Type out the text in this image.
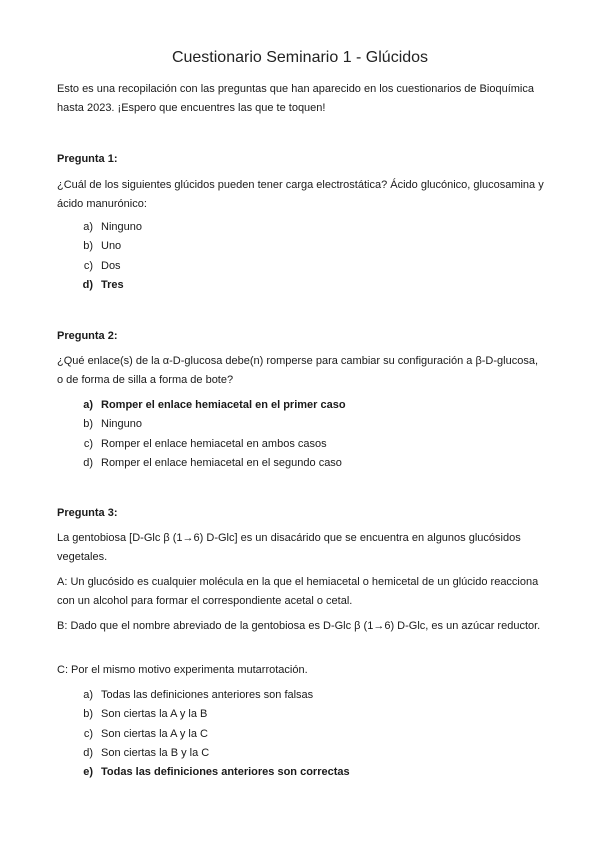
Cuestionario Seminario 1 - Glúcidos

Esto es una recopilación con las preguntas que han aparecido en los cuestionarios de Bioquímica hasta 2023. ¡Espero que encuentres las que te toquen!

Pregunta 1:

¿Cuál de los siguientes glúcidos pueden tener carga electrostática? Ácido glucónico, glucosamina y ácido manurónico:

a) Ninguno
b) Uno
c) Dos
d) Tres

Pregunta 2:

¿Qué enlace(s) de la α-D-glucosa debe(n) romperse para cambiar su configuración a β-D-glucosa, o de forma de silla a forma de bote?

a) Romper el enlace hemiacetal en el primer caso
b) Ninguno
c) Romper el enlace hemiacetal en ambos casos
d) Romper el enlace hemiacetal en el segundo caso

Pregunta 3:

La gentobiosa [D-Glc β (1→6) D-Glc] es un disacárido que se encuentra en algunos glucósidos vegetales.

A: Un glucósido es cualquier molécula en la que el hemiacetal o hemicetal de un glúcido reacciona con un alcohol para formar el correspondiente acetal o cetal.

B: Dado que el nombre abreviado de la gentobiosa es D-Glc β (1→6) D-Glc, es un azúcar reductor.

C: Por el mismo motivo experimenta mutarrotación.

a) Todas las definiciones anteriores son falsas
b) Son ciertas la A y la B
c) Son ciertas la A y la C
d) Son ciertas la B y la C
e) Todas las definiciones anteriores son correctas
